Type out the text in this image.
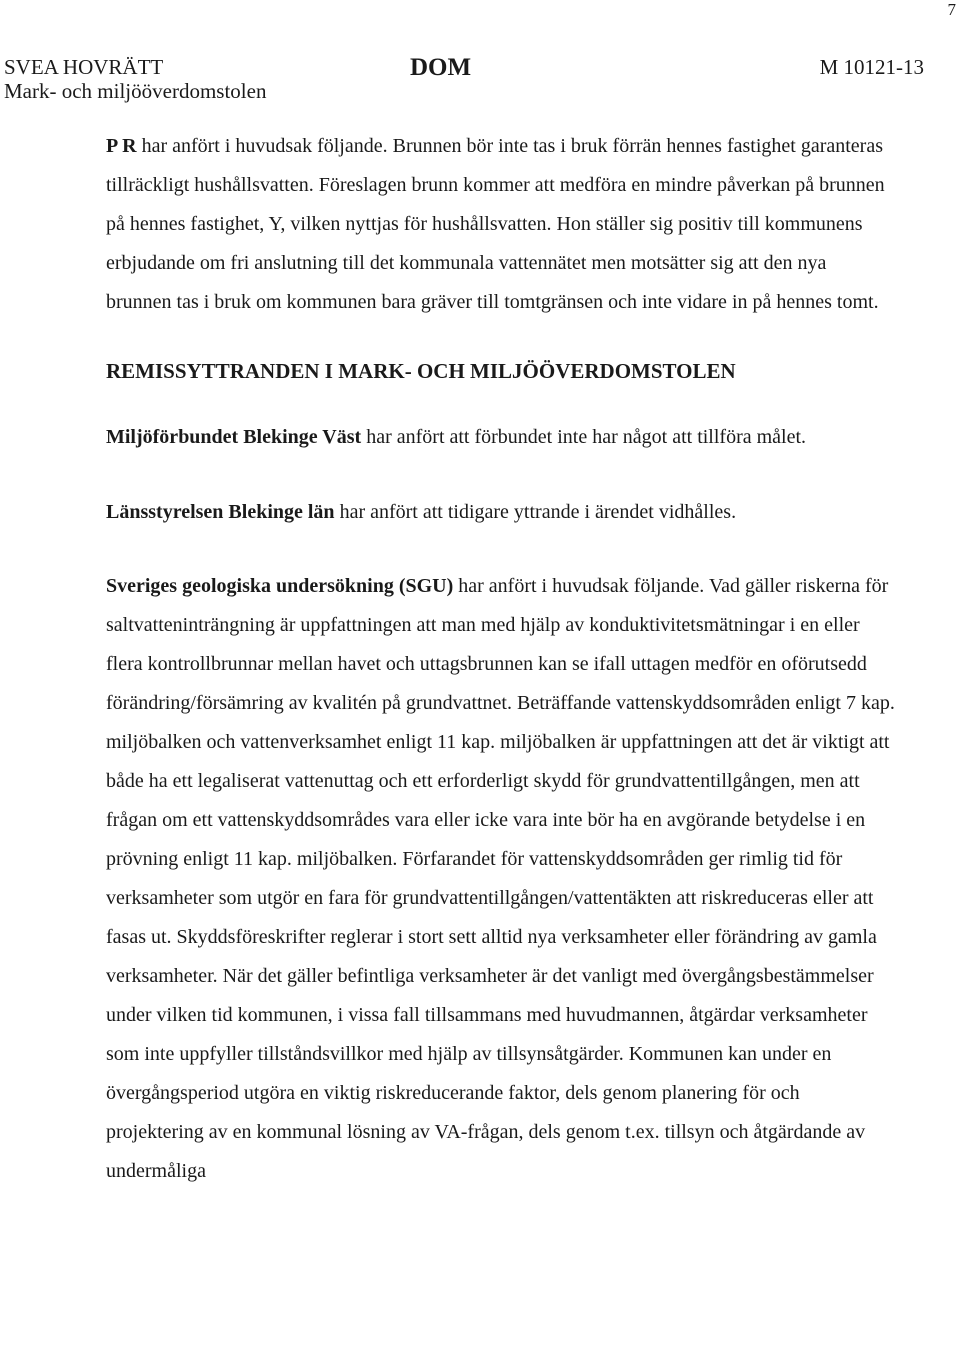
7
SVEA HOVRÄTT
Mark- och miljööverdomstolen
DOM	M 10121-13

P R har anfört i huvudsak följande. Brunnen bör inte tas i bruk förrän hennes fastighet garanteras tillräckligt hushållsvatten. Föreslagen brunn kommer att medföra en mindre påverkan på brunnen på hennes fastighet, Y, vilken nyttjas för hushållsvatten. Hon ställer sig positiv till kommunens erbjudande om fri anslutning till det kommunala vattennätet men motsätter sig att den nya brunnen tas i bruk om kommunen bara gräver till tomtgränsen och inte vidare in på hennes tomt.

REMISSYTTRANDEN I MARK- OCH MILJÖÖVERDOMSTOLEN

Miljöförbundet Blekinge Väst har anfört att förbundet inte har något att tillföra målet.

Länsstyrelsen Blekinge län har anfört att tidigare yttrande i ärendet vidhålles.

Sveriges geologiska undersökning (SGU) har anfört i huvudsak följande. Vad gäller riskerna för saltvatteninträngning är uppfattningen att man med hjälp av konduktivitetsmätningar i en eller flera kontrollbrunnar mellan havet och uttagsbrunnen kan se ifall uttagen medför en oförutsedd förändring/försämring av kvalitén på grundvattnet. Beträffande vattenskyddsområden enligt 7 kap. miljöbalken och vattenverksamhet enligt 11 kap. miljöbalken är uppfattningen att det är viktigt att både ha ett legaliserat vattenuttag och ett erforderligt skydd för grundvattentillgången, men att frågan om ett vattenskyddsområdes vara eller icke vara inte bör ha en avgörande betydelse i en prövning enligt 11 kap. miljöbalken. Förfarandet för vattenskyddsområden ger rimlig tid för verksamheter som utgör en fara för grundvattentillgången/vattentäkten att riskreduceras eller att fasas ut. Skyddsföreskrifter reglerar i stort sett alltid nya verksamheter eller förändring av gamla verksamheter. När det gäller befintliga verksamheter är det vanligt med övergångsbestämmelser under vilken tid kommunen, i vissa fall tillsammans med huvudmannen, åtgärdar verksamheter som inte uppfyller tillståndsvillkor med hjälp av tillsynsåtgärder. Kommunen kan under en övergångsperiod utgöra en viktig riskreducerande faktor, dels genom planering för och projektering av en kommunal lösning av VA-frågan, dels genom t.ex. tillsyn och åtgärdande av undermåliga
